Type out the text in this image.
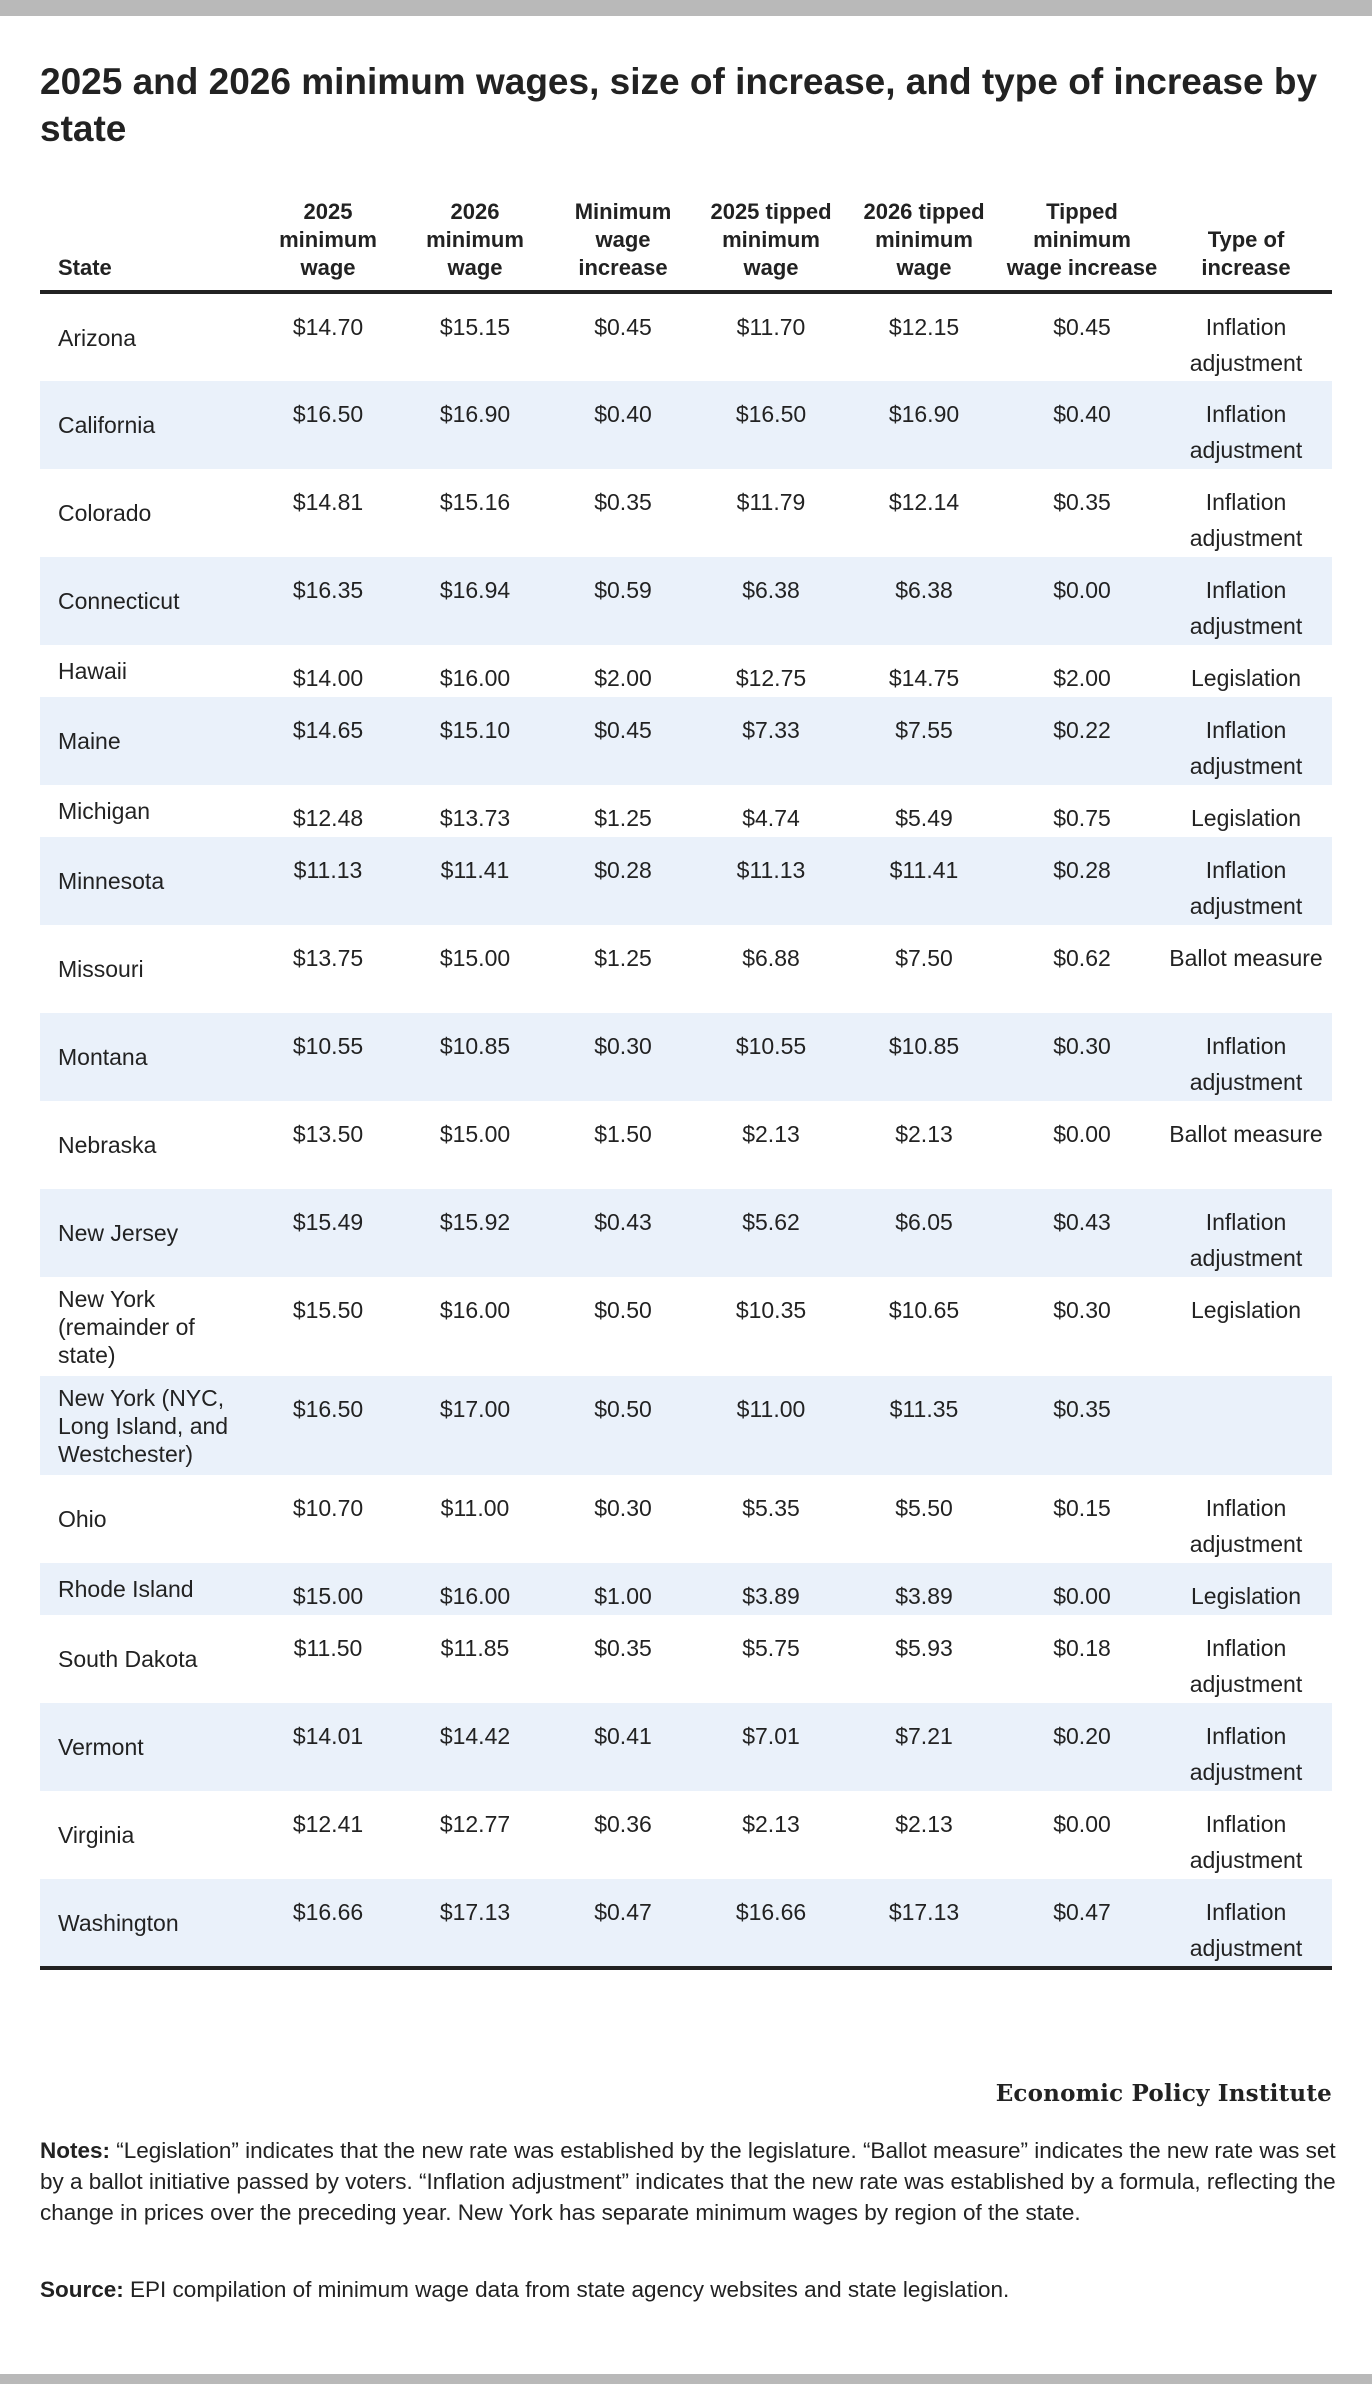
2025 and 2026 minimum wages, size of increase, and type of increase by state
State	2025 minimum wage	2026 minimum wage	Minimum wage increase	2025 tipped minimum wage	2026 tipped minimum wage	Tipped minimum wage increase	Type of increase
Arizona	$14.70	$15.15	$0.45	$11.70	$12.15	$0.45	Inflation adjustment
California	$16.50	$16.90	$0.40	$16.50	$16.90	$0.40	Inflation adjustment
Colorado	$14.81	$15.16	$0.35	$11.79	$12.14	$0.35	Inflation adjustment
Connecticut	$16.35	$16.94	$0.59	$6.38	$6.38	$0.00	Inflation adjustment
Hawaii	$14.00	$16.00	$2.00	$12.75	$14.75	$2.00	Legislation
Maine	$14.65	$15.10	$0.45	$7.33	$7.55	$0.22	Inflation adjustment
Michigan	$12.48	$13.73	$1.25	$4.74	$5.49	$0.75	Legislation
Minnesota	$11.13	$11.41	$0.28	$11.13	$11.41	$0.28	Inflation adjustment
Missouri	$13.75	$15.00	$1.25	$6.88	$7.50	$0.62	Ballot measure
Montana	$10.55	$10.85	$0.30	$10.55	$10.85	$0.30	Inflation adjustment
Nebraska	$13.50	$15.00	$1.50	$2.13	$2.13	$0.00	Ballot measure
New Jersey	$15.49	$15.92	$0.43	$5.62	$6.05	$0.43	Inflation adjustment
New York (remainder of state)	$15.50	$16.00	$0.50	$10.35	$10.65	$0.30	Legislation
New York (NYC, Long Island, and Westchester)	$16.50	$17.00	$0.50	$11.00	$11.35	$0.35	
Ohio	$10.70	$11.00	$0.30	$5.35	$5.50	$0.15	Inflation adjustment
Rhode Island	$15.00	$16.00	$1.00	$3.89	$3.89	$0.00	Legislation
South Dakota	$11.50	$11.85	$0.35	$5.75	$5.93	$0.18	Inflation adjustment
Vermont	$14.01	$14.42	$0.41	$7.01	$7.21	$0.20	Inflation adjustment
Virginia	$12.41	$12.77	$0.36	$2.13	$2.13	$0.00	Inflation adjustment
Washington	$16.66	$17.13	$0.47	$16.66	$17.13	$0.47	Inflation adjustment
Economic Policy Institute

Notes: “Legislation” indicates that the new rate was established by the legislature. “Ballot measure” indicates the new rate was set by a ballot initiative passed by voters. “Inflation adjustment” indicates that the new rate was established by a formula, reflecting the change in prices over the preceding year. New York has separate minimum wages by region of the state.

Source: EPI compilation of minimum wage data from state agency websites and state legislation.
